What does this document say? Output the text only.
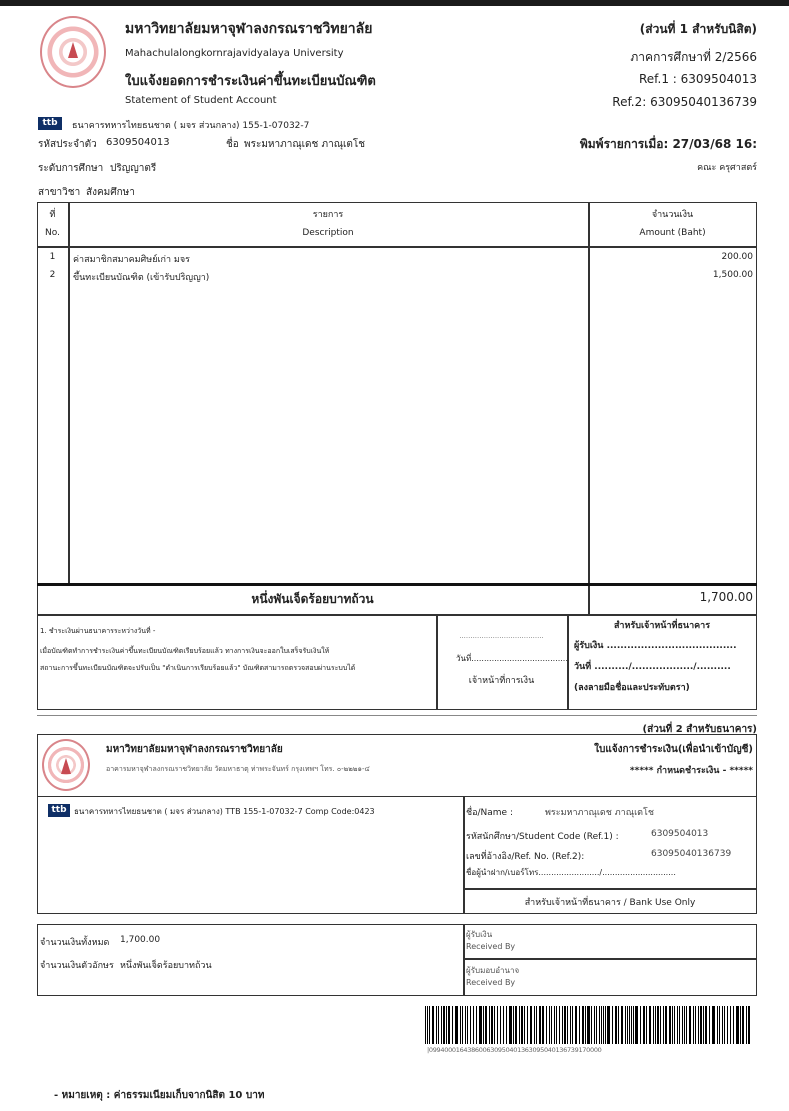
มหาวิทยาลัยมหาจุฬาลงกรณราชวิทยาลัย
Mahachulalongkornrajavidyalaya University
ใบแจ้งยอดการชำระเงินค่าขึ้นทะเบียนบัณฑิต
Statement of Student Account
ttb	ธนาคารทหารไทยธนชาต ( มจร ส่วนกลาง) 155-1-07032-7
รหัสประจำตัว 6309504013	ชื่อ พระมหาภาณุเดช ภาณุเตโช
ระดับการศึกษา ปริญญาตรี
สาขาวิชา สังคมศึกษา
(ส่วนที่ 1 สำหรับนิสิต)
ภาคการศึกษาที่ 2/2566
Ref.1 : 6309504013
Ref.2: 63095040136739
พิมพ์รายการเมื่อ: 27/03/68 16:
คณะ ครุศาสตร์
ที่
No.
รายการ
Description
จำนวนเงิน
Amount (Baht)
1	ค่าสมาชิกสมาคมศิษย์เก่า มจร	200.00
2	ขึ้นทะเบียนบัณฑิต (เข้ารับปริญญา)	1,500.00
หนึ่งพันเจ็ดร้อยบาทถ้วน	1,700.00
1. ชำระเงินผ่านธนาคารระหว่างวันที่ -
เมื่อบัณฑิตทำการชำระเงินค่าขึ้นทะเบียนบัณฑิตเรียบร้อยแล้ว ทางการเงินจะออกใบเสร็จรับเงินให้
สถานะการขึ้นทะเบียนบัณฑิตจะปรับเป็น "ดำเนินการเรียบร้อยแล้ว" บัณฑิตสามารถตรวจสอบผ่านระบบได้
......................................
วันที่......................................
เจ้าหน้าที่การเงิน
สำหรับเจ้าหน้าที่ธนาคาร
ผู้รับเงิน ......................................
วันที่ ........../................../..........
(ลงลายมือชื่อและประทับตรา)
(ส่วนที่ 2 สำหรับธนาคาร)
มหาวิทยาลัยมหาจุฬาลงกรณราชวิทยาลัย
อาคารมหาจุฬาลงกรณราชวิทยาลัย วัดมหาธาตุ ท่าพระจันทร์ กรุงเทพฯ โทร. ๐-๒๒๒๑-๔
ใบแจ้งการชำระเงิน(เพื่อนำเข้าบัญชี)
***** กำหนดชำระเงิน - *****
ttb ธนาคารทหารไทยธนชาต ( มจร ส่วนกลาง) TTB 155-1-07032-7 Comp Code:0423	ชื่อ/Name :	พระมหาภาณุเดช ภาณุเตโช
รหัสนักศึกษา/Student Code (Ref.1) :	6309504013
เลขที่อ้างอิง/Ref. No. (Ref.2):	63095040136739
ชื่อผู้นำฝาก/เบอร์โทร......................../.............................
สำหรับเจ้าหน้าที่ธนาคาร / Bank Use Only
จำนวนเงินทั้งหมด 1,700.00
จำนวนเงินตัวอักษร หนึ่งพันเจ็ดร้อยบาทถ้วน
ผู้รับเงิน
Received By
ผู้รับมอบอำนาจ
Received By
|099400016438600630950401363095040136739170000
- หมายเหตุ : ค่าธรรมเนียมเก็บจากนิสิต 10 บาท
